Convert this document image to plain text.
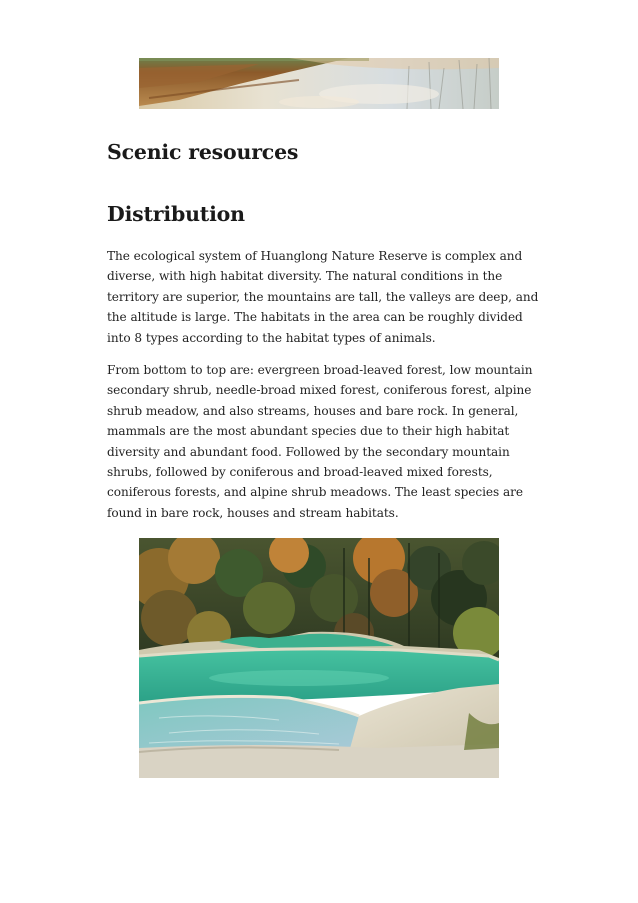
Scenic resources
Distribution

The ecological system of Huanglong Nature Reserve is complex and diverse, with high habitat diversity. The natural conditions in the territory are superior, the mountains are tall, the valleys are deep, and the altitude is large. The habitats in the area can be roughly divided into 8 types according to the habitat types of animals.

From bottom to top are: evergreen broad-leaved forest, low mountain secondary shrub, needle-broad mixed forest, coniferous forest, alpine shrub meadow, and also streams, houses and bare rock. In general, mammals are the most abundant species due to their high habitat diversity and abundant food. Followed by the secondary mountain shrubs, followed by coniferous and broad-leaved mixed forests, coniferous forests, and alpine shrub meadows. The least species are found in bare rock, houses and stream habitats.
